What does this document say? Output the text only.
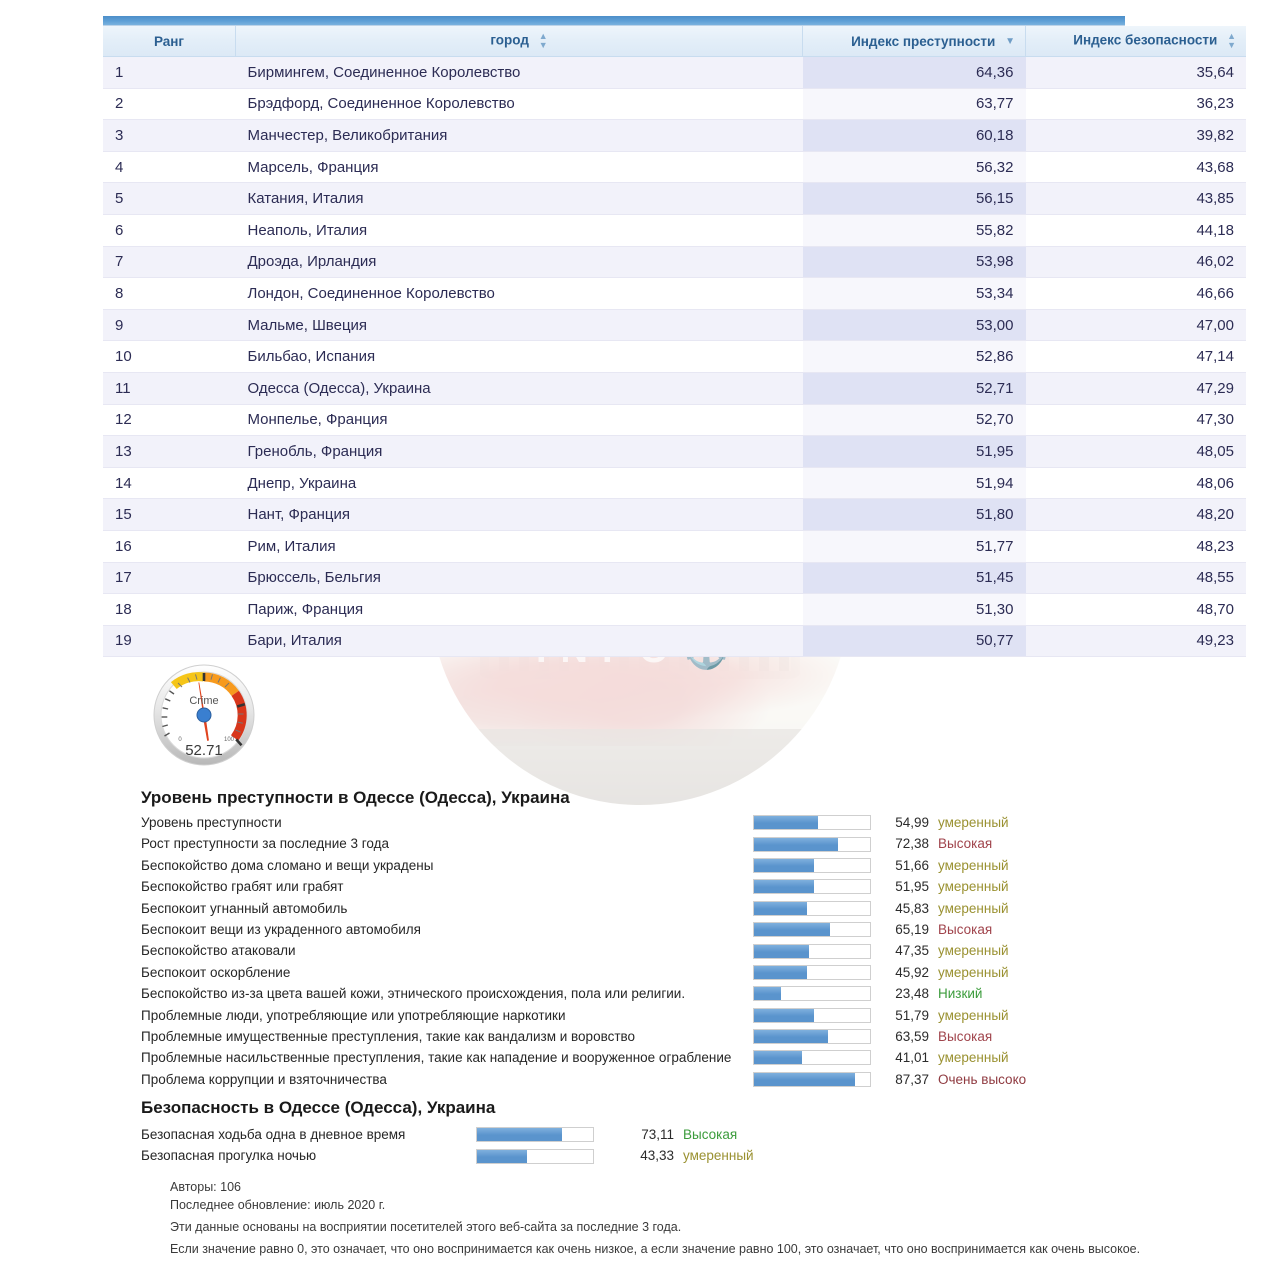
Ранг	город ▲
▼	Индекс преступности ▼	Индекс безопасности ▲
▼

1	Бирмингем, Соединенное Королевство	64,36	35,64
2	Брэдфорд, Соединенное Королевство	63,77	36,23
3	Манчестер, Великобритания	60,18	39,82
4	Марсель, Франция	56,32	43,68
5	Катания, Италия	56,15	43,85
6	Неаполь, Италия	55,82	44,18
7	Дроэда, Ирландия	53,98	46,02
8	Лондон, Соединенное Королевство	53,34	46,66
9	Мальме, Швеция	53,00	47,00
10	Бильбао, Испания	52,86	47,14
11	Одесса (Одесса), Украина	52,71	47,29
12	Монпелье, Франция	52,70	47,30
13	Гренобль, Франция	51,95	48,05
14	Днепр, Украина	51,94	48,06
15	Нант, Франция	51,80	48,20
16	Рим, Италия	51,77	48,23
17	Брюссель, Бельгия	51,45	48,55
18	Париж, Франция	51,30	48,70
19	Бари, Италия	50,77	49,23
Crime
0	100
52.71
Уровень преступности в Одессе (Одесса), Украина
Уровень преступности	54,99 умеренный
Рост преступности за последние 3 года	72,38 Высокая
Беспокойство дома сломано и вещи украдены	51,66 умеренный
Беспокойство грабят или грабят	51,95 умеренный
Беспокоит угнанный автомобиль	45,83 умеренный
Беспокоит вещи из украденного автомобиля	65,19 Высокая
Беспокойство атаковали	47,35 умеренный
Беспокоит оскорбление	45,92 умеренный
Беспокойство из-за цвета вашей кожи, этнического происхождения, пола или религии.	23,48 Низкий
Проблемные люди, употребляющие или употребляющие наркотики	51,79 умеренный
Проблемные имущественные преступления, такие как вандализм и воровство	63,59 Высокая
Проблемные насильственные преступления, такие как нападение и вооруженное ограбление	41,01 умеренный
Проблема коррупции и взяточничества	87,37 Очень высоко
Безопасность в Одессе (Одесса), Украина
Безопасная ходьба одна в дневное время	73,11 Высокая
Безопасная прогулка ночью	43,33 умеренный
Авторы: 106
Последнее обновление: июль 2020 г.
Эти данные основаны на восприятии посетителей этого веб-сайта за последние 3 года.
Если значение равно 0, это означает, что оно воспринимается как очень низкое, а если значение равно 100, это означает, что оно воспринимается как очень высокое.
